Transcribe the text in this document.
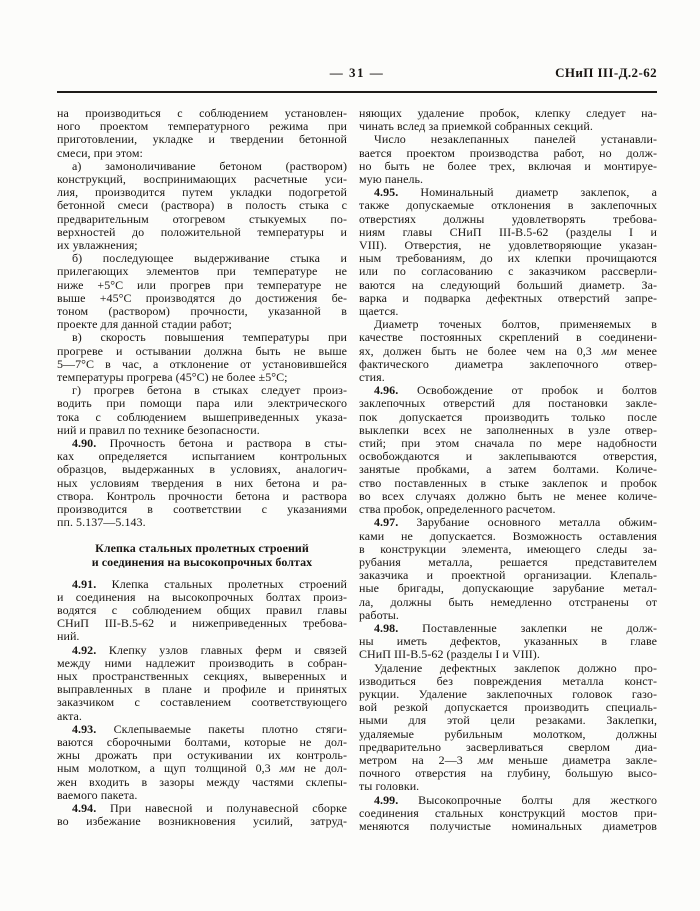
— 31 —	СНиП III-Д.2-62
на производиться с соблюдением установлен-
ного проектом температурного режима при
приготовлении, укладке и твердении бетонной
смеси, при этом:
а) замоноличивание бетоном (раствором)
конструкций, воспринимающих расчетные уси-
лия, производится путем укладки подогретой
бетонной смеси (раствора) в полость стыка с
предварительным отогревом стыкуемых по-
верхностей до положительной температуры и
их увлажнения;
б) последующее выдерживание стыка и
прилегающих элементов при температуре не
ниже +5°С или прогрев при температуре не
выше +45°С производятся до достижения бе-
тоном (раствором) прочности, указанной в
проекте для данной стадии работ;
в) скорость повышения температуры при
прогреве и остывании должна быть не выше
5—7°С в час, а отклонение от установившейся
температуры прогрева (45°С) не более ±5°С;
г) прогрев бетона в стыках следует произ-
водить при помощи пара или электрического
тока с соблюдением вышеприведенных указа-
ний и правил по технике безопасности.
4.90. Прочность бетона и раствора в сты-
ках определяется испытанием контрольных
образцов, выдержанных в условиях, аналогич-
ных условиям твердения в них бетона и ра-
створа. Контроль прочности бетона и раствора
производится в соответствии с указаниями
пп. 5.137—5.143.
Клепка стальных пролетных строений
и соединения на высокопрочных болтах
4.91. Клепка стальных пролетных строений
и соединения на высокопрочных болтах произ-
водятся с соблюдением общих правил главы
СНиП III-В.5-62 и нижеприведенных требова-
ний.
4.92. Клепку узлов главных ферм и связей
между ними надлежит производить в собран-
ных пространственных секциях, выверенных и
выправленных в плане и профиле и принятых
заказчиком с составлением соответствующего
акта.
4.93. Склепываемые пакеты плотно стяги-
ваются сборочными болтами, которые не дол-
жны дрожать при остукивании их контроль-
ным молотком, а щуп толщиной 0,3 мм не дол-
жен входить в зазоры между частями склепы-
ваемого пакета.
4.94. При навесной и полунавесной сборке
во избежание возникновения усилий, затруд-
няющих удаление пробок, клепку следует на-
чинать вслед за приемкой собранных секций.
Число незаклепанных панелей устанавли-
вается проектом производства работ, но долж-
но быть не более трех, включая и монтируе-
мую панель.
4.95. Номинальный диаметр заклепок, а
также допускаемые отклонения в заклепочных
отверстиях должны удовлетворять требова-
ниям главы СНиП III-В.5-62 (разделы I и
VIII). Отверстия, не удовлетворяющие указан-
ным требованиям, до их клепки прочищаются
или по согласованию с заказчиком рассверли-
ваются на следующий больший диаметр. За-
варка и подварка дефектных отверстий запре-
щается.
Диаметр точеных болтов, применяемых в
качестве постоянных скреплений в соединени-
ях, должен быть не более чем на 0,3 мм менее
фактического диаметра заклепочного отвер-
стия.
4.96. Освобождение от пробок и болтов
заклепочных отверстий для постановки закле-
пок допускается производить только после
выклепки всех не заполненных в узле отвер-
стий; при этом сначала по мере надобности
освобождаются и заклепываются отверстия,
занятые пробками, а затем болтами. Количе-
ство поставленных в стыке заклепок и пробок
во всех случаях должно быть не менее количе-
ства пробок, определенного расчетом.
4.97. Зарубание основного металла обжим-
ками не допускается. Возможность оставления
в конструкции элемента, имеющего следы за-
рубания металла, решается представителем
заказчика и проектной организации. Клепаль-
ные бригады, допускающие зарубание метал-
ла, должны быть немедленно отстранены от
работы.
4.98. Поставленные заклепки не долж-
ны иметь дефектов, указанных в главе
СНиП III-В.5-62 (разделы I и VIII).
Удаление дефектных заклепок должно про-
изводиться без повреждения металла конст-
рукции. Удаление заклепочных головок газо-
вой резкой допускается производить специаль-
ными для этой цели резаками. Заклепки,
удаляемые рубильным молотком, должны
предварительно засверливаться сверлом диа-
метром на 2—3 мм меньше диаметра закле-
почного отверстия на глубину, большую высо-
ты головки.
4.99. Высокопрочные болты для жесткого
соединения стальных конструкций мостов при-
меняются получистые номинальных диаметров
